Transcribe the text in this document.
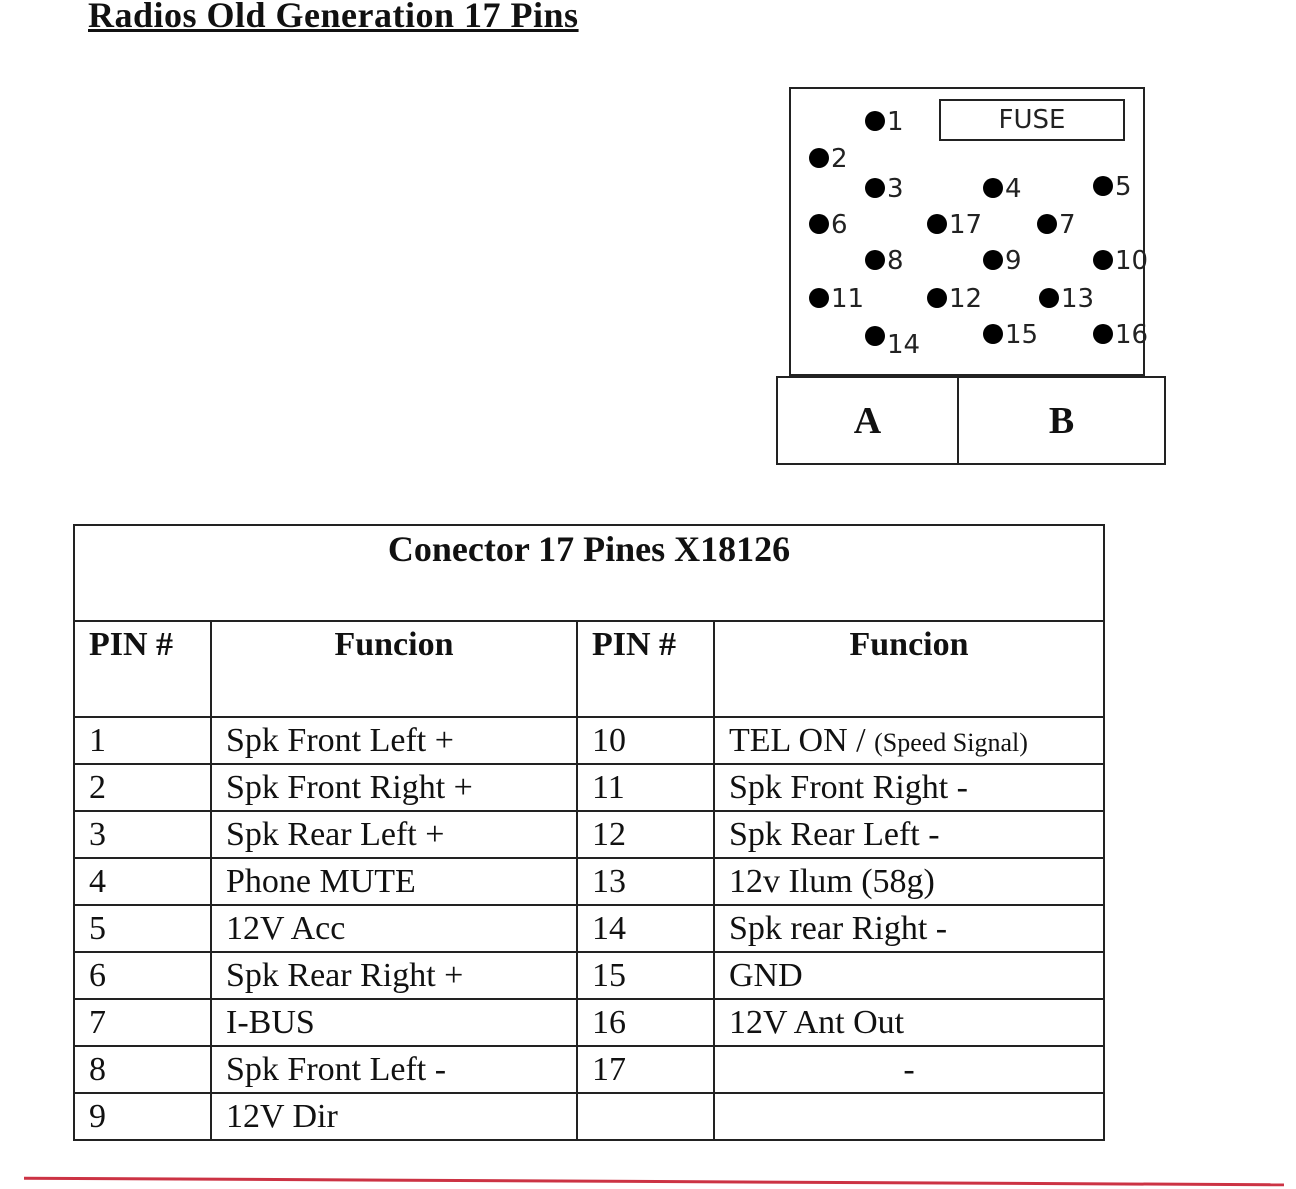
Radios Old Generation 17 Pins
FUSE
1
2
3	4	5
6	17	7
8	9	10
11	12	13
14	15	16
A	B
Conector 17 Pines X18126			
PIN #	Funcion	PIN #	Funcion
1	Spk Front Left +	10	TEL ON / (Speed Signal)
2	Spk Front Right +	11	Spk Front Right -
3	Spk Rear Left +	12	Spk Rear Left -
4	Phone MUTE	13	12v Ilum (58g)
5	12V Acc	14	Spk rear Right -
6	Spk Rear Right +	15	GND
7	I-BUS	16	12V Ant Out
8	Spk Front Left -	17	-
9	12V Dir		
